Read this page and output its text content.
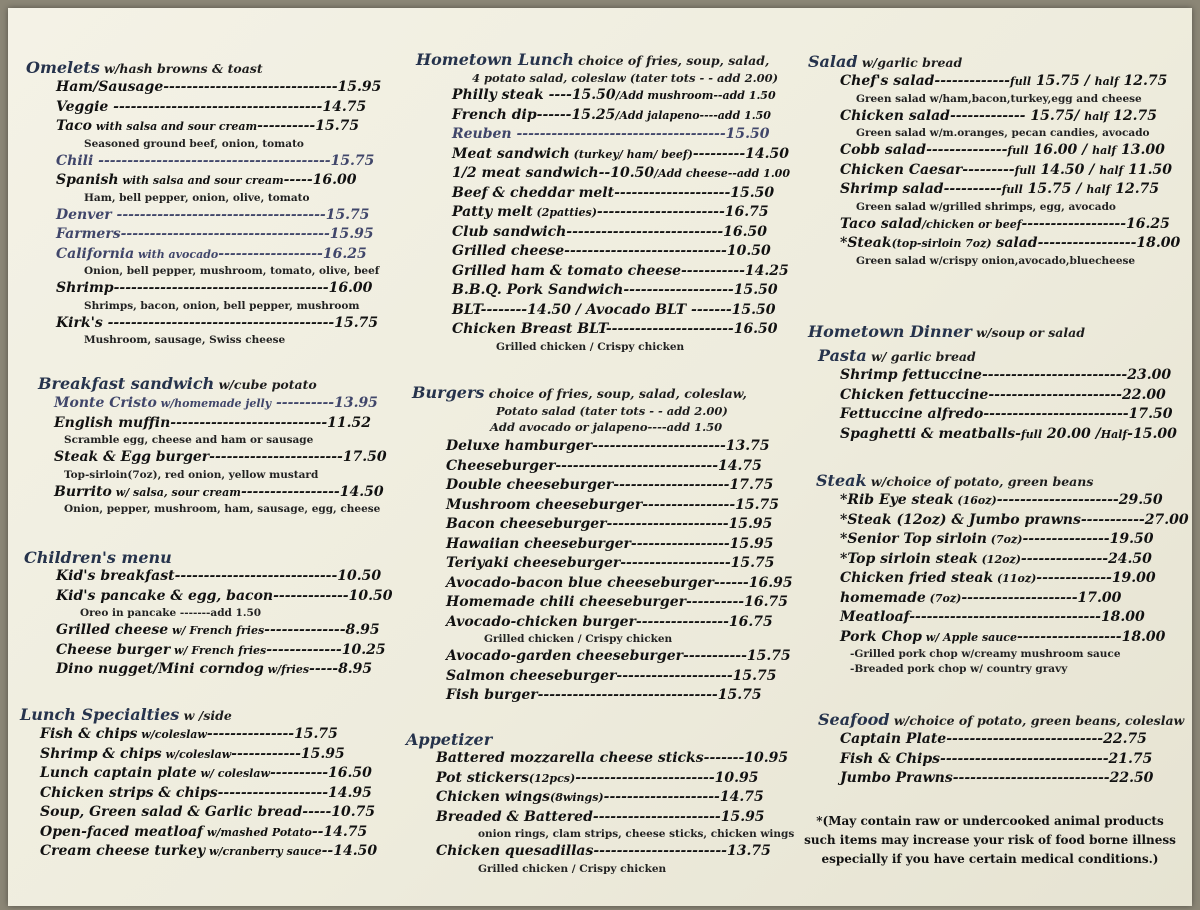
Omelets w/hash browns & toast
Ham/Sausage------------------------------15.95
Veggie ------------------------------------14.75
Taco with salsa and sour cream----------15.75
Seasoned ground beef, onion, tomato
Chili ----------------------------------------15.75
Spanish with salsa and sour cream-----16.00
Ham, bell pepper, onion, olive, tomato
Denver ------------------------------------15.75
Farmers------------------------------------15.95
California with avocado------------------16.25
Onion, bell pepper, mushroom, tomato, olive, beef
Shrimp-------------------------------------16.00
Shrimps, bacon, onion, bell pepper, mushroom
Kirk's ---------------------------------------15.75
Mushroom, sausage, Swiss cheese
Breakfast sandwich w/cube potato
Monte Cristo w/homemade jelly ----------13.95
English muffin---------------------------11.52
Scramble egg, cheese and ham or sausage
Steak & Egg burger-----------------------17.50
Top-sirloin(7oz), red onion, yellow mustard
Burrito w/ salsa, sour cream-----------------14.50
Onion, pepper, mushroom, ham, sausage, egg, cheese
Children's menu
Kid's breakfast----------------------------10.50
Kid's pancake & egg, bacon-------------10.50
Oreo in pancake -------add 1.50
Grilled cheese w/ French fries--------------8.95
Cheese burger w/ French fries-------------10.25
Dino nugget/Mini corndog w/fries-----8.95
Lunch Specialties w /side
Fish & chips w/coleslaw---------------15.75
Shrimp & chips w/coleslaw------------15.95
Lunch captain plate w/ coleslaw----------16.50
Chicken strips & chips-------------------14.95
Soup, Green salad & Garlic bread-----10.75
Open-faced meatloaf w/mashed Potato--14.75
Cream cheese turkey w/cranberry sauce--14.50
Hometown Lunch choice of fries, soup, salad,
4 potato salad, coleslaw (tater tots - - add 2.00)
Philly steak ----15.50/Add mushroom--add 1.50
French dip------15.25/Add jalapeno----add 1.50
Reuben ------------------------------------15.50
Meat sandwich (turkey/ ham/ beef)---------14.50
1/2 meat sandwich--10.50/Add cheese--add 1.00
Beef & cheddar melt--------------------15.50
Patty melt (2patties)----------------------16.75
Club sandwich---------------------------16.50
Grilled cheese----------------------------10.50
Grilled ham & tomato cheese-----------14.25
B.B.Q. Pork Sandwich-------------------15.50
BLT--------14.50 / Avocado BLT -------15.50
Chicken Breast BLT----------------------16.50
Grilled chicken / Crispy chicken
Burgers choice of fries, soup, salad, coleslaw,
Potato salad (tater tots - - add 2.00)
Add avocado or jalapeno----add 1.50
Deluxe hamburger-----------------------13.75
Cheeseburger----------------------------14.75
Double cheeseburger--------------------17.75
Mushroom cheeseburger----------------15.75
Bacon cheeseburger---------------------15.95
Hawaiian cheeseburger-----------------15.95
Teriyaki cheeseburger-------------------15.75
Avocado-bacon blue cheeseburger------16.95
Homemade chili cheeseburger----------16.75
Avocado-chicken burger----------------16.75
Grilled chicken / Crispy chicken
Avocado-garden cheeseburger-----------15.75
Salmon cheeseburger--------------------15.75
Fish burger-------------------------------15.75
Appetizer
Battered mozzarella cheese sticks-------10.95
Pot stickers(12pcs)------------------------10.95
Chicken wings(8wings)--------------------14.75
Breaded & Battered----------------------15.95
onion rings, clam strips, cheese sticks, chicken wings
Chicken quesadillas-----------------------13.75
Grilled chicken / Crispy chicken
Salad w/garlic bread
Chef's salad-------------full 15.75 / half 12.75
Green salad w/ham,bacon,turkey,egg and cheese
Chicken salad------------- 15.75/ half 12.75
Green salad w/m.oranges, pecan candies, avocado
Cobb salad--------------full 16.00 / half 13.00
Chicken Caesar---------full 14.50 / half 11.50
Shrimp salad----------full 15.75 / half 12.75
Green salad w/grilled shrimps, egg, avocado
Taco salad/chicken or beef------------------16.25
*Steak(top-sirloin 7oz) salad-----------------18.00
Green salad w/crispy onion,avocado,bluecheese
Hometown Dinner w/soup or salad
Pasta w/ garlic bread
Shrimp fettuccine-------------------------23.00
Chicken fettuccine-----------------------22.00
Fettuccine alfredo-------------------------17.50
Spaghetti & meatballs-full 20.00 /Half-15.00
Steak w/choice of potato, green beans
*Rib Eye steak (16oz)---------------------29.50
*Steak (12oz) & Jumbo prawns-----------27.00
*Senior Top sirloin (7oz)---------------19.50
*Top sirloin steak (12oz)---------------24.50
Chicken fried steak (11oz)-------------19.00
homemade (7oz)--------------------17.00
Meatloaf---------------------------------18.00
Pork Chop w/ Apple sauce------------------18.00
-Grilled pork chop w/creamy mushroom sauce
-Breaded pork chop w/ country gravy
Seafood w/choice of potato, green beans, coleslaw
Captain Plate---------------------------22.75
Fish & Chips-----------------------------21.75
Jumbo Prawns---------------------------22.50
*(May contain raw or undercooked animal products
such items may increase your risk of food borne illness
especially if you have certain medical conditions.)
